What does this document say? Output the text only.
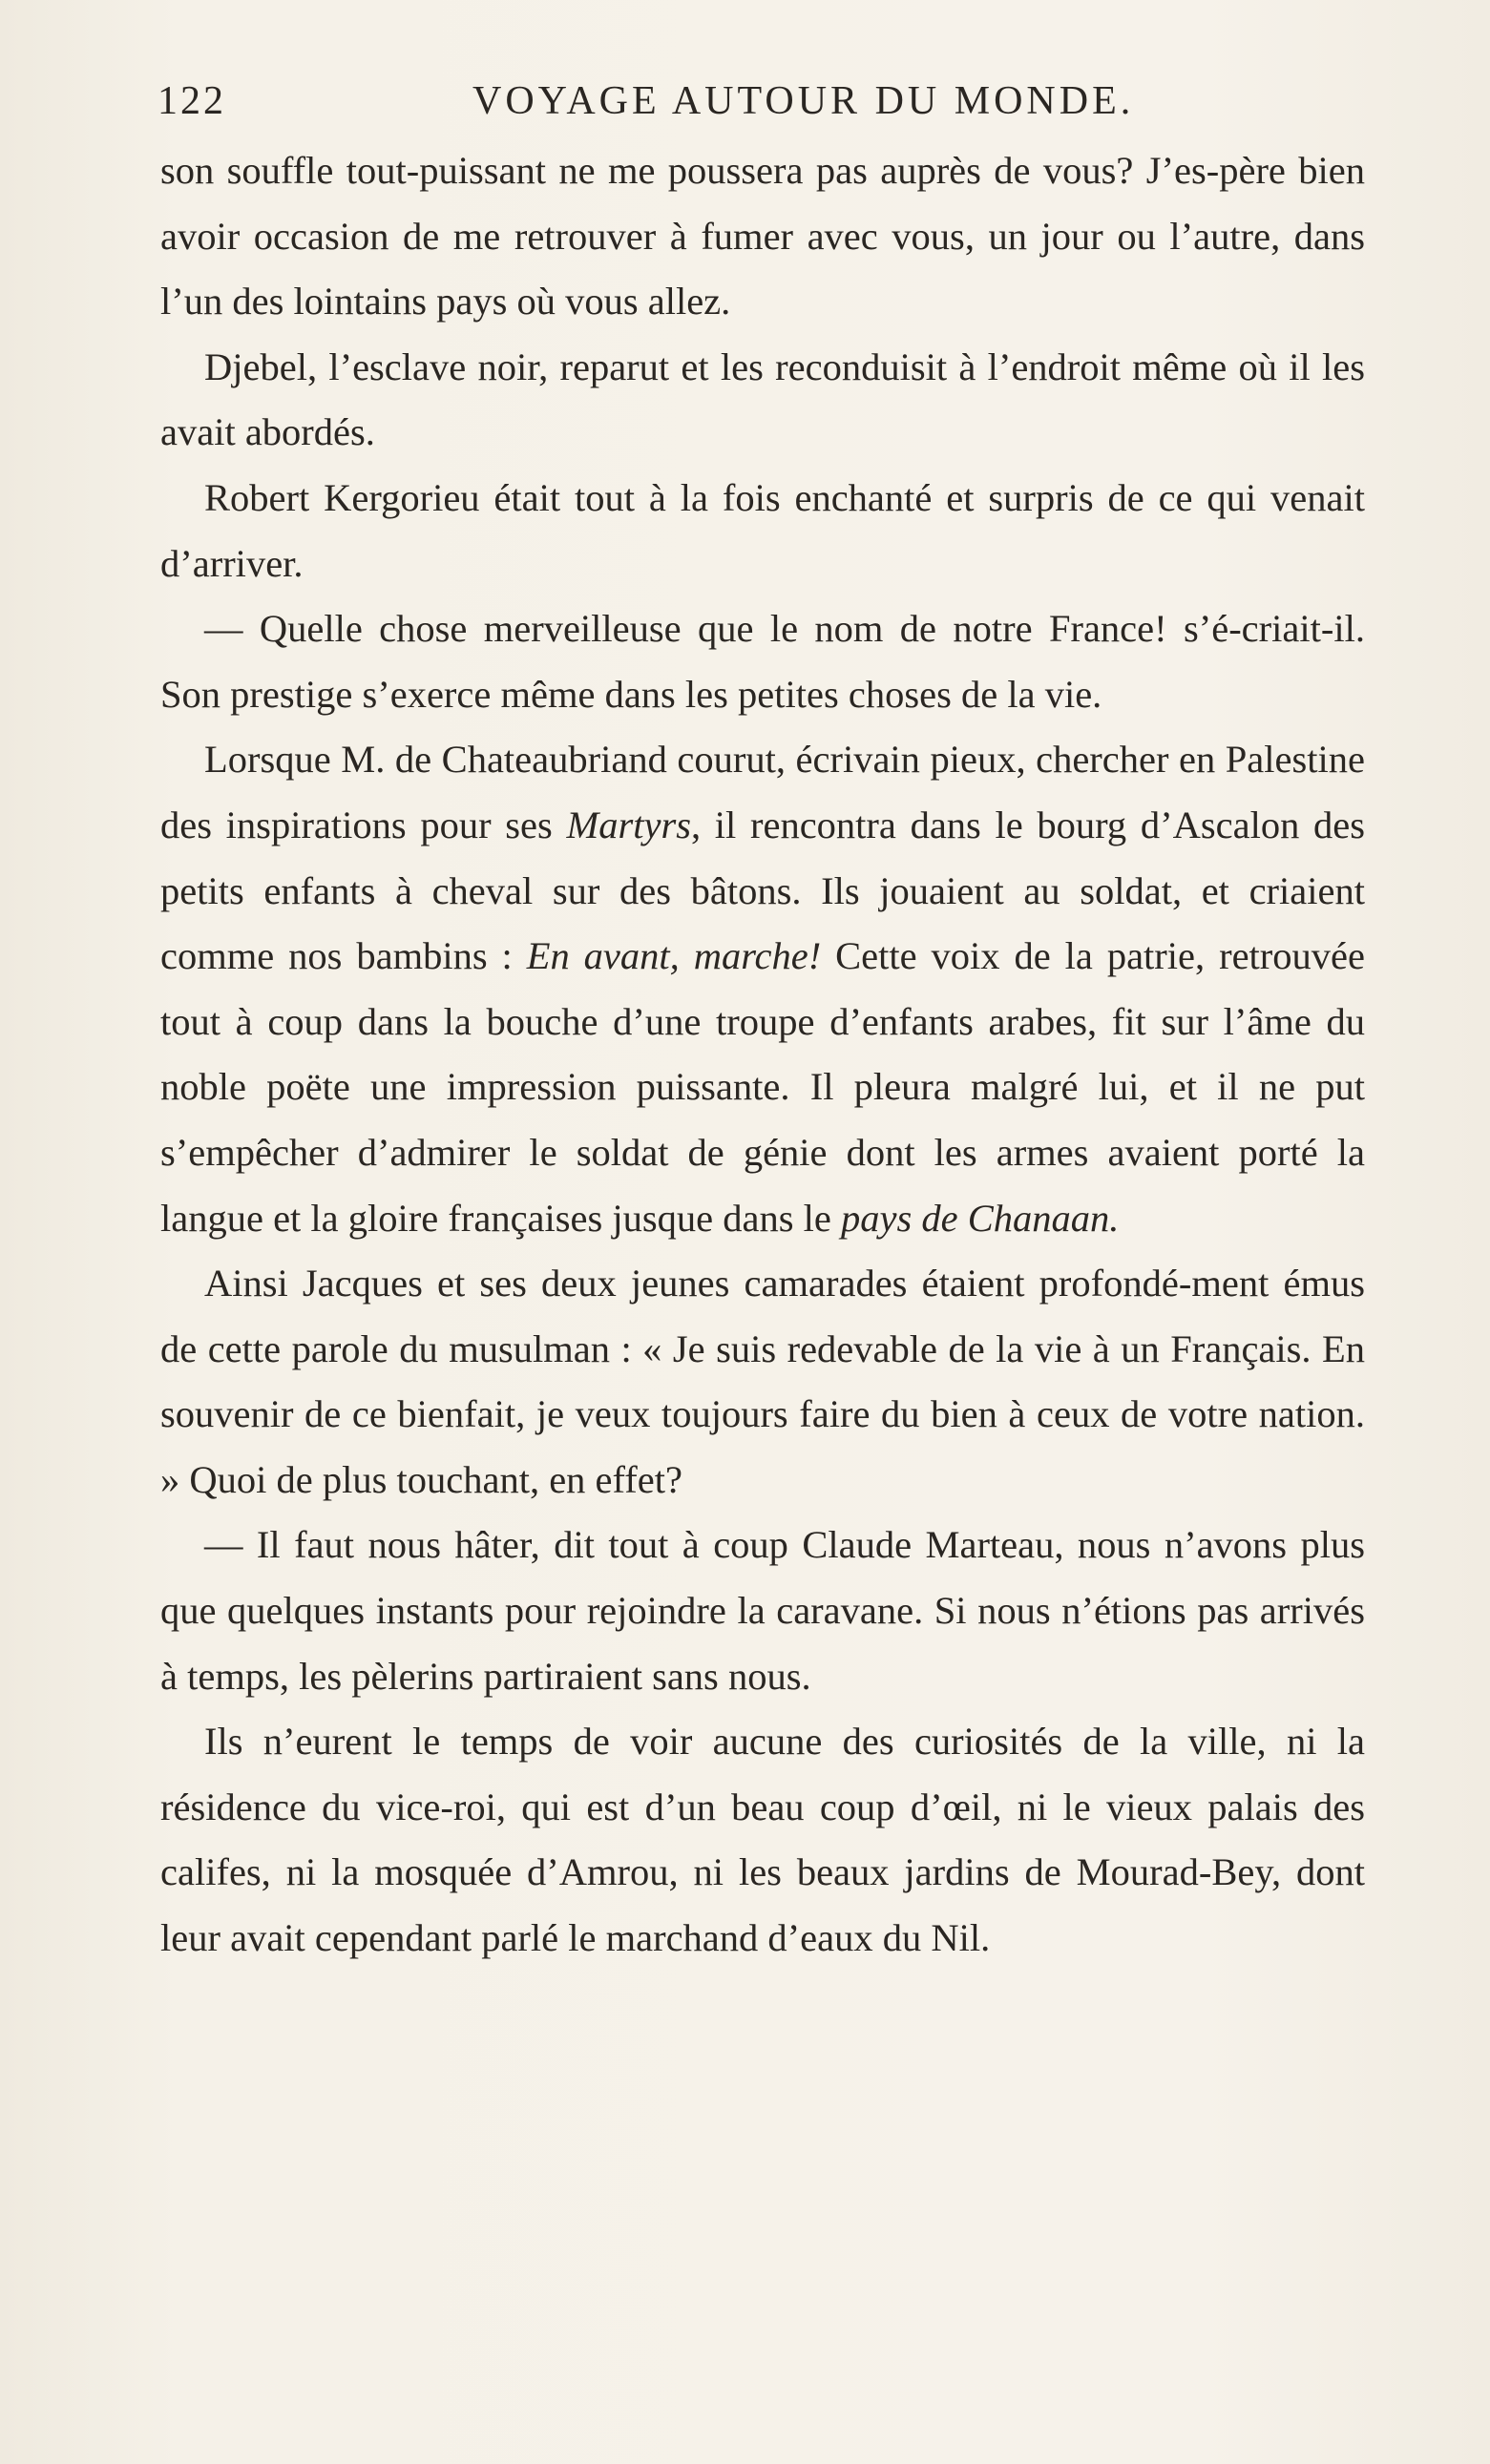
122	VOYAGE AUTOUR DU MONDE.

son souffle tout-puissant ne me poussera pas auprès de vous? J’es-père bien avoir occasion de me retrouver à fumer avec vous, un jour ou l’autre, dans l’un des lointains pays où vous allez.

Djebel, l’esclave noir, reparut et les reconduisit à l’endroit même où il les avait abordés.

Robert Kergorieu était tout à la fois enchanté et surpris de ce qui venait d’arriver.

— Quelle chose merveilleuse que le nom de notre France! s’é-criait-il. Son prestige s’exerce même dans les petites choses de la vie.

Lorsque M. de Chateaubriand courut, écrivain pieux, chercher en Palestine des inspirations pour ses Martyrs, il rencontra dans le bourg d’Ascalon des petits enfants à cheval sur des bâtons. Ils jouaient au soldat, et criaient comme nos bambins : En avant, marche! Cette voix de la patrie, retrouvée tout à coup dans la bouche d’une troupe d’enfants arabes, fit sur l’âme du noble poëte une impression puissante. Il pleura malgré lui, et il ne put s’empêcher d’admirer le soldat de génie dont les armes avaient porté la langue et la gloire françaises jusque dans le pays de Chanaan.

Ainsi Jacques et ses deux jeunes camarades étaient profondé-ment émus de cette parole du musulman : « Je suis redevable de la vie à un Français. En souvenir de ce bienfait, je veux toujours faire du bien à ceux de votre nation. » Quoi de plus touchant, en effet?

— Il faut nous hâter, dit tout à coup Claude Marteau, nous n’avons plus que quelques instants pour rejoindre la caravane. Si nous n’étions pas arrivés à temps, les pèlerins partiraient sans nous.

Ils n’eurent le temps de voir aucune des curiosités de la ville, ni la résidence du vice-roi, qui est d’un beau coup d’œil, ni le vieux palais des califes, ni la mosquée d’Amrou, ni les beaux jardins de Mourad-Bey, dont leur avait cependant parlé le marchand d’eaux du Nil.
